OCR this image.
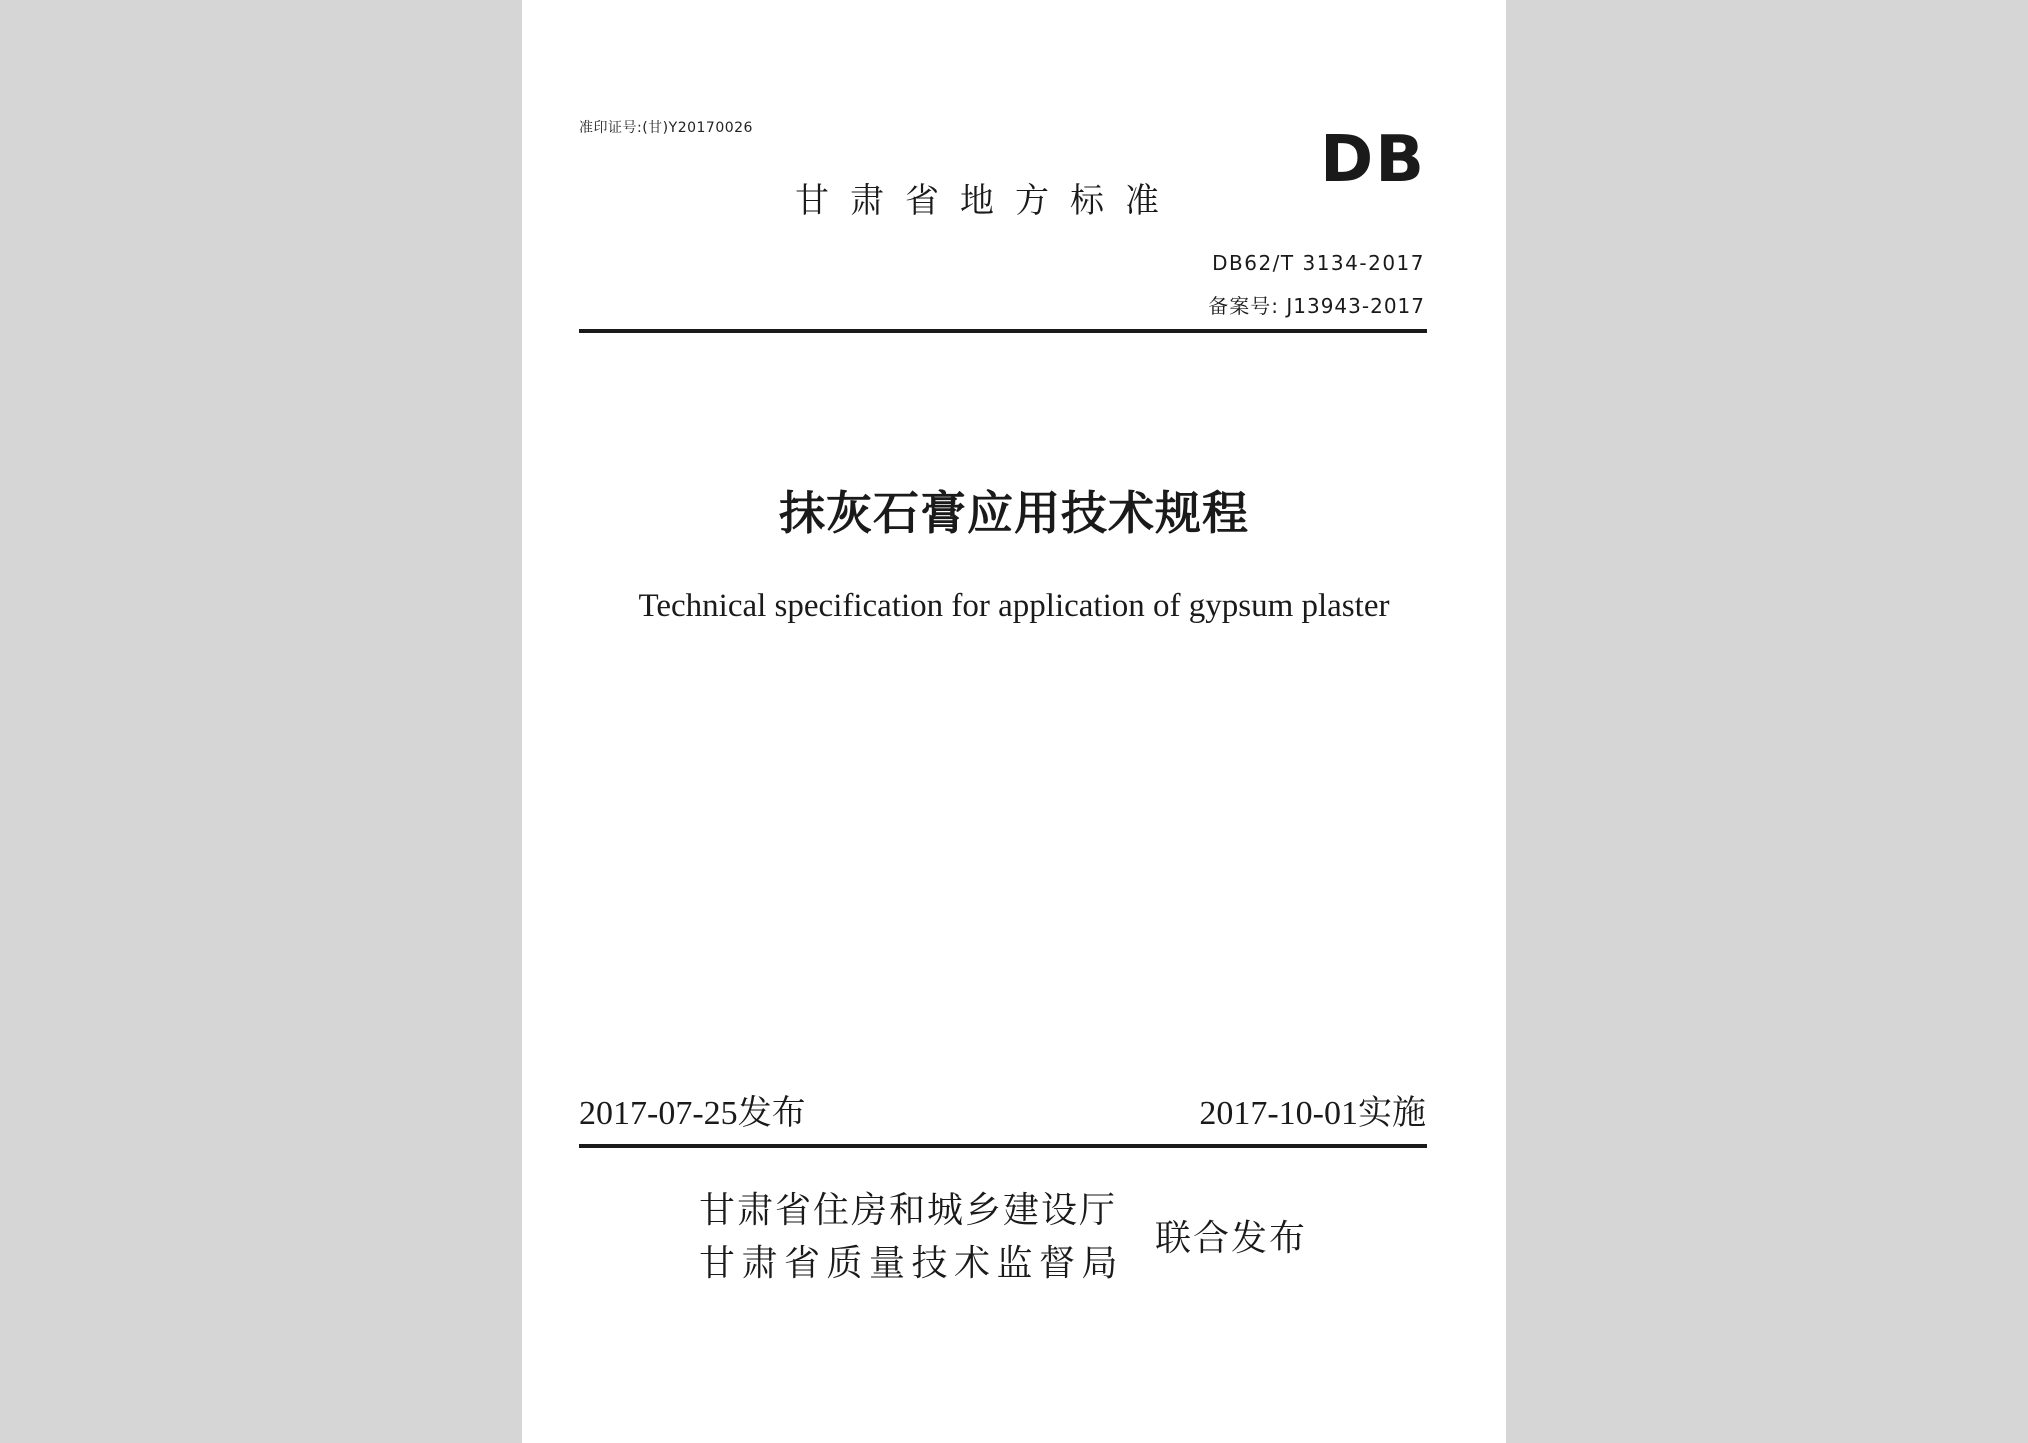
准印证号:(甘)Y20170026	DB
甘肃省地方标准
DB62/T 3134-2017
备案号: J13943-2017
抹灰石膏应用技术规程
Technical specification for application of gypsum plaster
2017-07-25发布	2017-10-01实施
甘肃省住房和城乡建设厅
甘肃省质量技术监督局
联合发布
